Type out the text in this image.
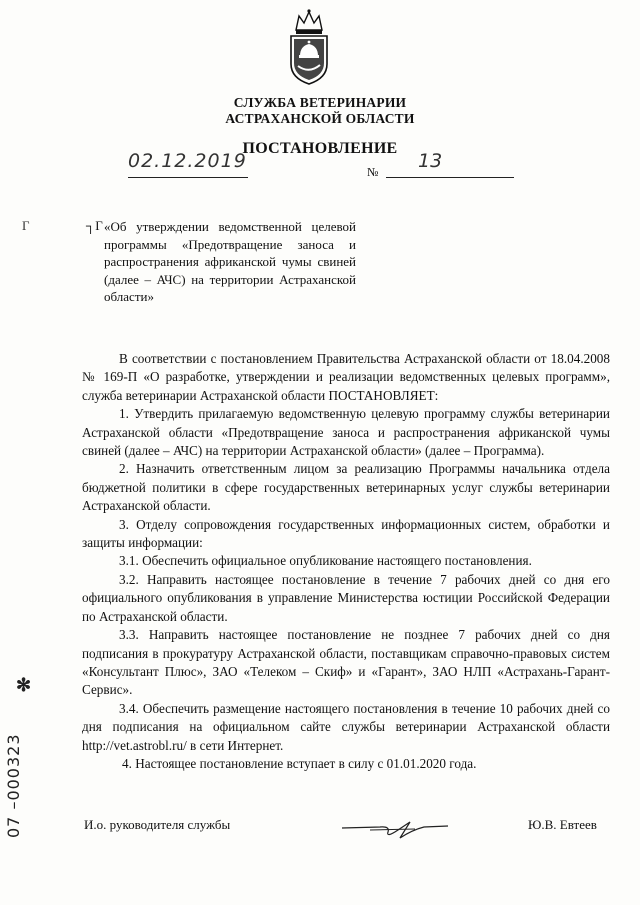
СЛУЖБА ВЕТЕРИНАРИИ
АСТРАХАНСКОЙ ОБЛАСТИ
ПОСТАНОВЛЕНИЕ
02.12.2019	№ 13
Г	┐Г «Об утверждении ведомственной целевой программы «Предотвращение заноса и распространения африканской чумы свиней (далее – АЧС) на территории Астраханской области»

В соответствии с постановлением Правительства Астраханской области от 18.04.2008 № 169-П «О разработке, утверждении и реализации ведомственных целевых программ», служба ветеринарии Астраханской области ПОСТАНОВЛЯЕТ:

1. Утвердить прилагаемую ведомственную целевую программу службы ветеринарии Астраханской области «Предотвращение заноса и распространения африканской чумы свиней (далее – АЧС) на территории Астраханской области» (далее – Программа).

2. Назначить ответственным лицом за реализацию Программы начальника отдела бюджетной политики в сфере государственных ветеринарных услуг службы ветеринарии Астраханской области.

3. Отделу сопровождения государственных информационных систем, обработки и защиты информации:

3.1. Обеспечить официальное опубликование настоящего постановления.

3.2. Направить настоящее постановление в течение 7 рабочих дней со дня его официального опубликования в управление Министерства юстиции Российской Федерации по Астраханской области.

3.3. Направить настоящее постановление не позднее 7 рабочих дней со дня подписания в прокуратуру Астраханской области, поставщикам справочно-правовых систем «Консультант Плюс», ЗАО «Телеком – Скиф» и «Гарант», ЗАО НЛП «Астрахань-Гарант-Сервис».

3.4. Обеспечить размещение настоящего постановления в течение 10 рабочих дней со дня подписания на официальном сайте службы ветеринарии Астраханской области http://vet.astrobl.ru/ в сети Интернет.

4. Настоящее постановление вступает в силу с 01.01.2020 года.

И.о. руководителя службы	Ю.В. Евтеев
✻
07 –000323
